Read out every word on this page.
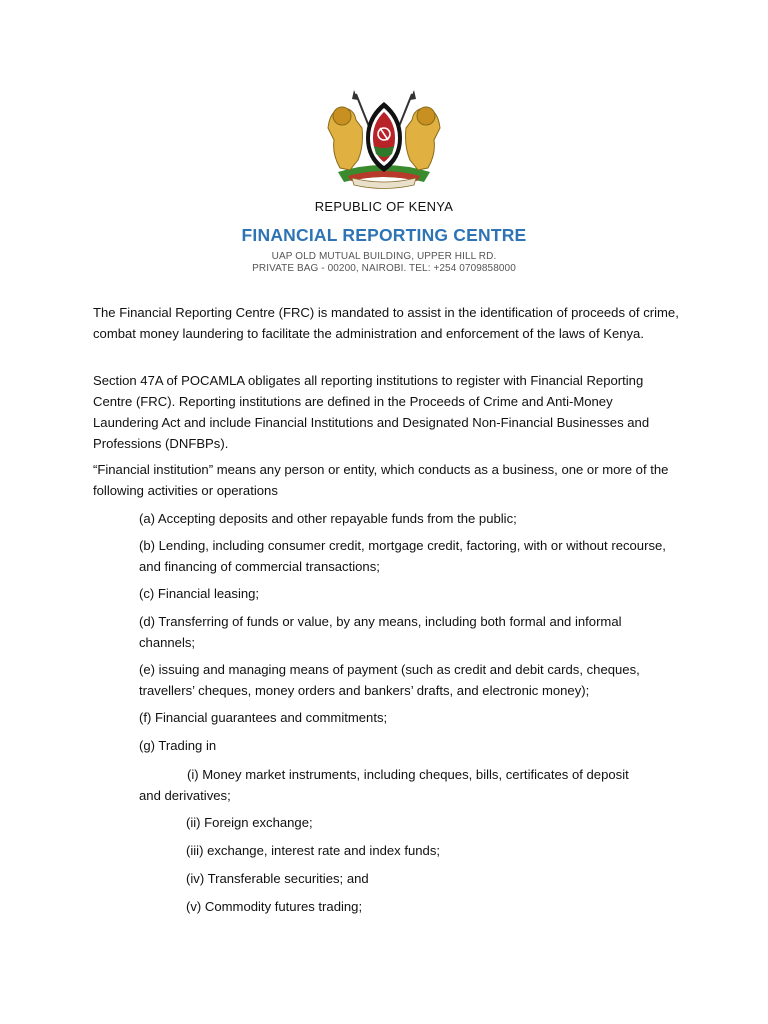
REPUBLIC OF KENYA
FINANCIAL REPORTING CENTRE
UAP OLD MUTUAL BUILDING, UPPER HILL RD.
PRIVATE BAG - 00200, NAIROBI. TEL: +254 0709858000

The Financial Reporting Centre (FRC) is mandated to assist in the identification of proceeds of crime, combat money laundering to facilitate the administration and enforcement of the laws of Kenya.

Section 47A of POCAMLA obligates all reporting institutions to register with Financial Reporting Centre (FRC). Reporting institutions are defined in the Proceeds of Crime and Anti-Money Laundering Act and include Financial Institutions and Designated Non-Financial Businesses and Professions (DNFBPs).

“Financial institution” means any person or entity, which conducts as a business, one or more of the following activities or operations

(a) Accepting deposits and other repayable funds from the public;

(b) Lending, including consumer credit, mortgage credit, factoring, with or without recourse, and financing of commercial transactions;

(c) Financial leasing;

(d) Transferring of funds or value, by any means, including both formal and informal channels;

(e) issuing and managing means of payment (such as credit and debit cards, cheques, travellers’ cheques, money orders and bankers’ drafts, and electronic money);

(f) Financial guarantees and commitments;

(g) Trading in

(i) Money market instruments, including cheques, bills, certificates of deposit
and derivatives;

(ii) Foreign exchange;

(iii) exchange, interest rate and index funds;

(iv) Transferable securities; and

(v) Commodity futures trading;
